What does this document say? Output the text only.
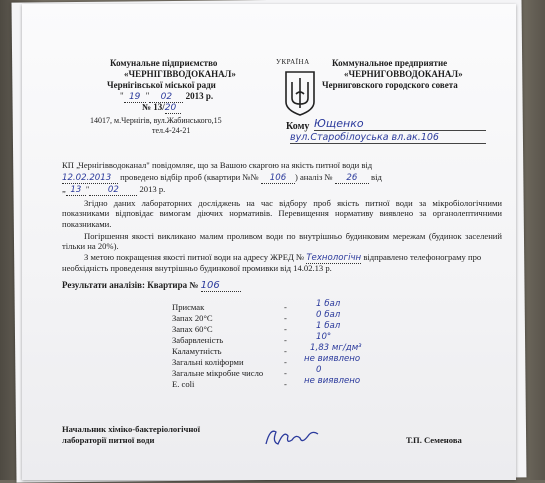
Комунальне підприємство
«ЧЕРНІГІВВОДОКАНАЛ»
Чернігівської міської ради
" 19 " 02 2013 р.
№ 13/20
14017, м.Чернігів, вул.Жабинського,15
тел.4-24-21
УКРАЇНА Коммунальное предприятие
«ЧЕРНИГОВВОДОКАНАЛ»
Черниговского городского совета
Кому Ющенко
вул.Старобілоуська вл.ак.106
КП „Чернігівводоканал" повідомляє, що за Вашою скаргою на якість питної води від
12.02.2013 проведено відбір проб (квартири №№ 106 ) аналіз № 26 від
„ 13 " 02 2013 р.
Згідно даних лабораторних досліджень на час відбору проб якість питної води за мікробіологічними показниками відповідає вимогам діючих нормативів. Перевищення нормативу виявлено за органолептичними показниками.
Погіршення якості викликано малим проливом води по внутрішньо будинковим мережам (будинок заселений тільки на 20%).
З метою покращення якості питної води на адресу ЖРЕД № Технологічн відправлено телефонограму про необхідність проведення внутрішньо будинкової промивки від 14.02.13 р.
Результати аналізів: Квартира № 106
Присмак	-	1 бал
Запах 20°С	-	0 бал
Запах 60°С	-	1 бал
Забарвленість	-	10°
Каламутність	-	1,83 мг/дм³
Загальні коліформи	- не виявлено
Загальне мікробне число -	0
E. coli	- не виявлено
Начальник хіміко-бактеріологічної
лабораторії питної води	Т.П. Семенова
